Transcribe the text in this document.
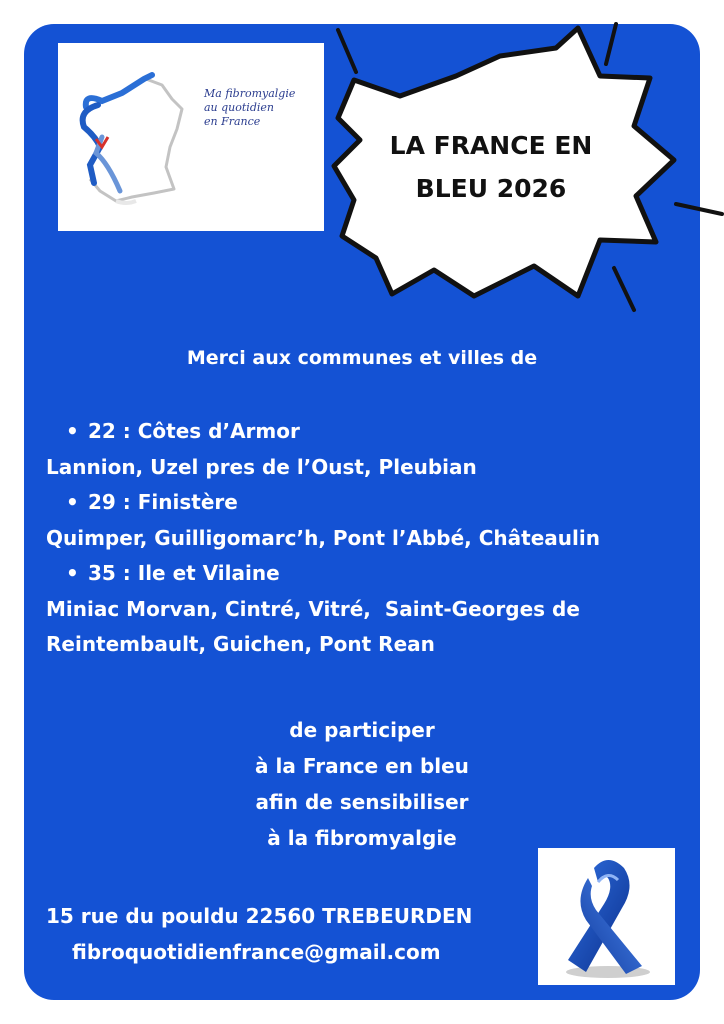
Ma fibromyalgie
au quotidien
en France
LA FRANCE EN
BLEU 2026
Merci aux communes et villes de
• 22 : Côtes d’Armor
Lannion, Uzel pres de l’Oust, Pleubian
• 29 : Finistère
Quimper, Guilligomarc’h, Pont l’Abbé, Châteaulin
• 35 : Ile et Vilaine
Miniac Morvan, Cintré, Vitré,  Saint-Georges de
Reintembault, Guichen, Pont Rean
de participer
à la France en bleu
afin de sensibiliser
à la fibromyalgie
15 rue du pouldu 22560 TREBEURDEN
fibroquotidienfrance@gmail.com
